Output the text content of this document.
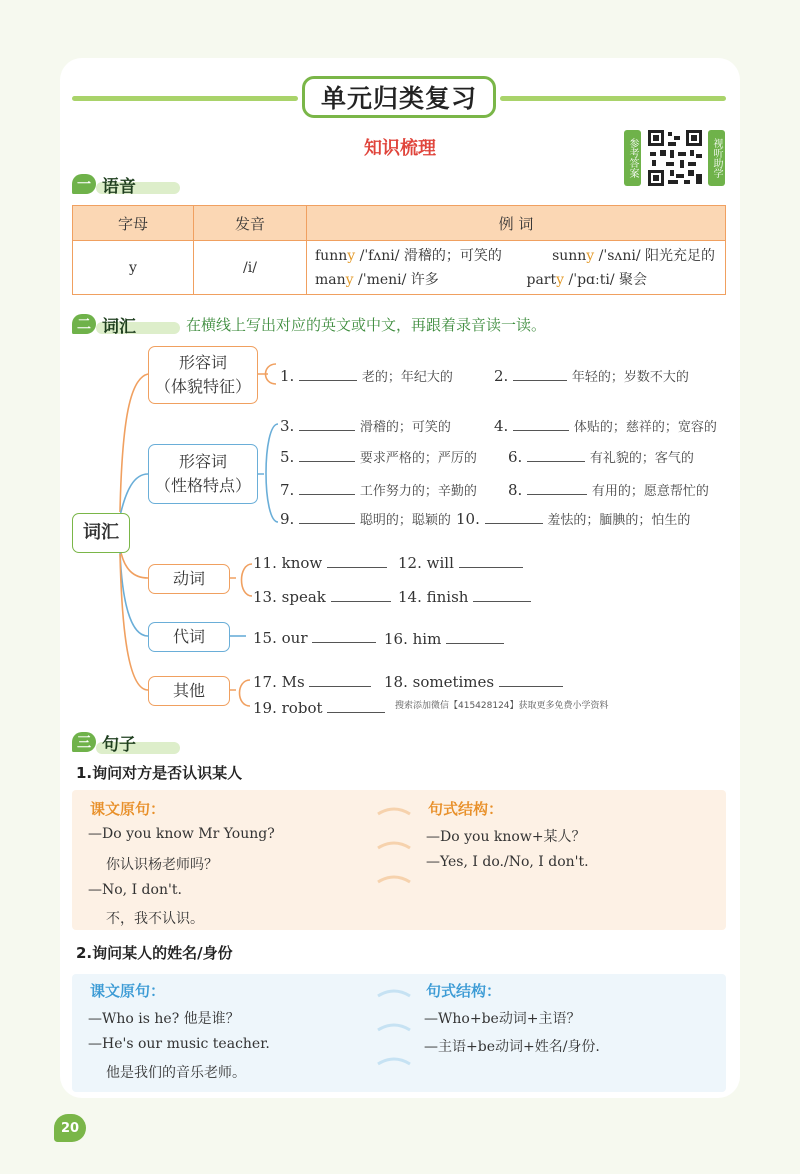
单元归类复习
知识梳理	参考答案	视听助学
一 语音
字母	发音	例 词
y	/i/	funny /ˈfʌni/ 滑稽的；可笑的 sunny /ˈsʌni/ 阳光充足的
many /ˈmeni/ 许多 party /ˈpɑːti/ 聚会
二 词汇	在横线上写出对应的英文或中文，再跟着录音读一读。
词汇
形容词
（体貌特征）
形容词
（性格特点）
动词
代词
其他
1.	老的；年纪大的	2.	年轻的；岁数不大的
3.	滑稽的；可笑的	4.	体贴的；慈祥的；宽容的
5.	要求严格的；严厉的 6.	有礼貌的；客气的
7.	工作努力的；辛勤的 8.	有用的；愿意帮忙的
9.	聪明的；聪颖的 10.	羞怯的；腼腆的；怕生的
11. know	12. will
13. speak	14. finish
15. our	16. him
17. Ms	18. sometimes
19. robot	搜索添加微信【415428124】获取更多免费小学资料
三 句子
1.询问对方是否认识某人
课文原句：
—Do you know Mr Young?
你认识杨老师吗？
—No, I don't.
不，我不认识。
句式结构：
—Do you know+某人？
—Yes, I do./No, I don't.
2.询问某人的姓名/身份
课文原句：
—Who is he? 他是谁？
—He's our music teacher.
他是我们的音乐老师。
句式结构：
—Who+be动词+主语？
—主语+be动词+姓名/身份.
20
